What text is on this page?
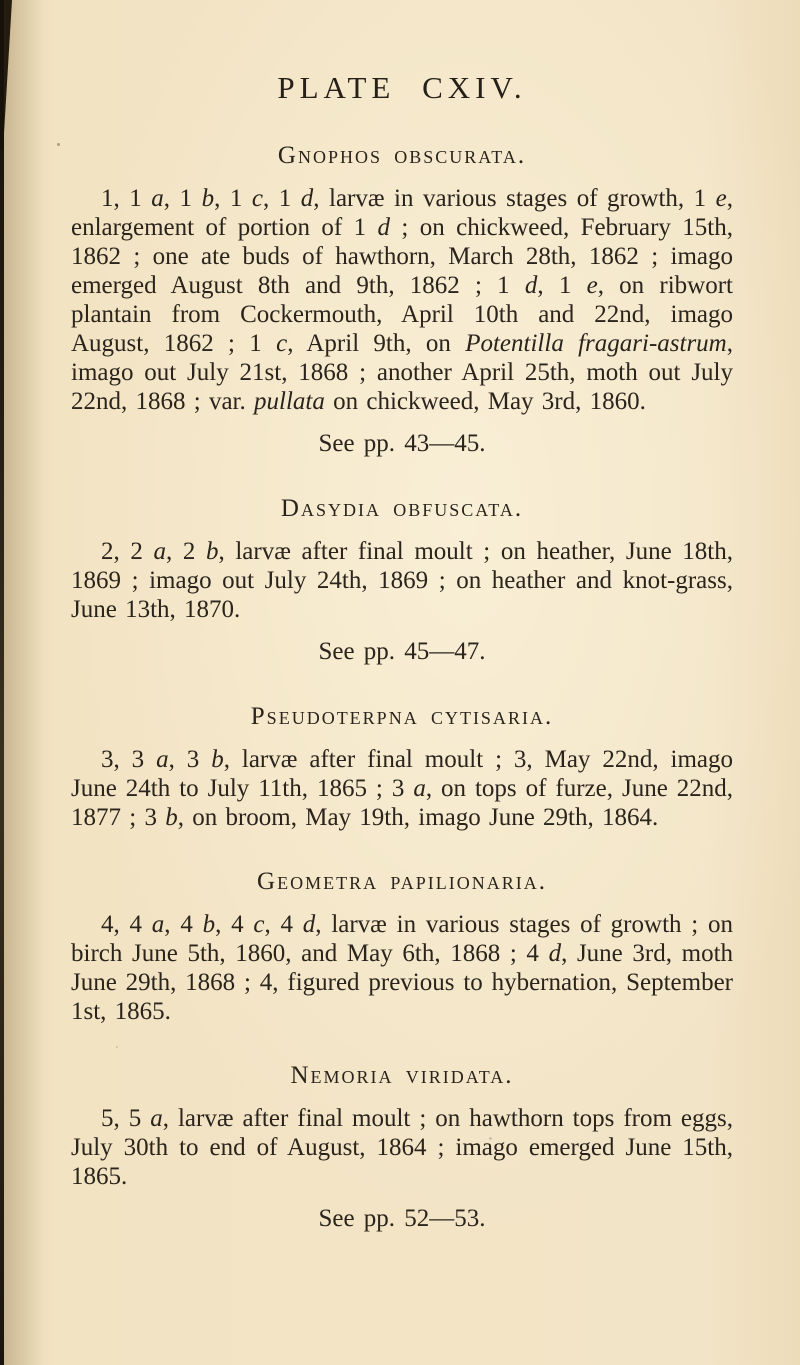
PLATE CXIV.
Gnophos obscurata.

1, 1 a, 1 b, 1 c, 1 d, larvæ in various stages of growth, 1 e, enlargement of portion of 1 d ; on chickweed, February 15th, 1862 ; one ate buds of hawthorn, March 28th, 1862 ; imago emerged August 8th and 9th, 1862 ; 1 d, 1 e, on ribwort plantain from Cockermouth, April 10th and 22nd, imago August, 1862 ; 1 c, April 9th, on Potentilla fragari-astrum, imago out July 21st, 1868 ; another April 25th, moth out July 22nd, 1868 ; var. pullata on chickweed, May 3rd, 1860.

See pp. 43—45.

Dasydia obfuscata.

2, 2 a, 2 b, larvæ after final moult ; on heather, June 18th, 1869 ; imago out July 24th, 1869 ; on heather and knot-grass, June 13th, 1870.

See pp. 45—47.

Pseudoterpna cytisaria.

3, 3 a, 3 b, larvæ after final moult ; 3, May 22nd, imago June 24th to July 11th, 1865 ; 3 a, on tops of furze, June 22nd, 1877 ; 3 b, on broom, May 19th, imago June 29th, 1864.

Geometra papilionaria.

4, 4 a, 4 b, 4 c, 4 d, larvæ in various stages of growth ; on birch June 5th, 1860, and May 6th, 1868 ; 4 d, June 3rd, moth June 29th, 1868 ; 4, figured previous to hybernation, September 1st, 1865.

Nemoria viridata.

5, 5 a, larvæ after final moult ; on hawthorn tops from eggs, July 30th to end of August, 1864 ; imago emerged June 15th, 1865.

See pp. 52—53.
